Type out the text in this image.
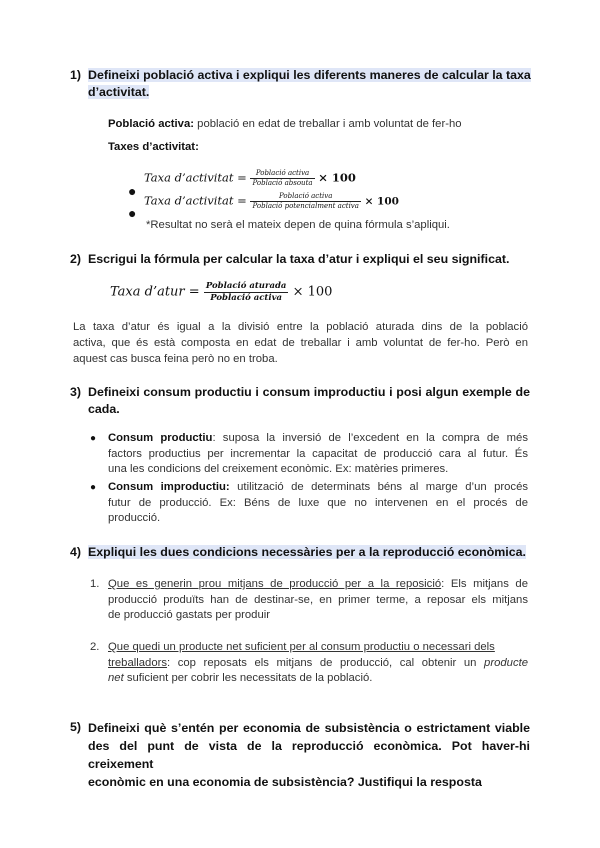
1) Defineixi població activa i expliqui les diferents maneres de calcular la taxa
d’activitat.
Població activa: població en edat de treballar i amb voluntat de fer-ho
Taxes d’activitat:
●
Taxa d’activitat = $\frac{\text{Població activa}}{\text{Població absouta}} \times 100$
●
Taxa d’activitat = $\frac{\text{Població activa}}{\text{Població potencialment activa}} \times 100$
*Resultat no serà el mateix depen de quina fórmula s’apliqui.
2) Escrigui la fórmula per calcular la taxa d’atur i expliqui el seu significat.
Taxa d’atur = $\frac{\text{Població aturada}}{\text{Població activa}} \times 100$
La taxa d’atur és igual a la divisió entre la població aturada dins de la població
activa, que és està composta en edat de treballar i amb voluntat de fer-ho. Però en
aquest cas busca feina però no en troba.
3) Defineixi consum productiu i consum improductiu i posi algun exemple de
cada.
● Consum productiu: suposa la inversió de l’excedent en la compra de més
factors productius per incrementar la capacitat de producció cara al futur. És
una les condicions del creixement econòmic. Ex: matèries primeres.
● Consum improductiu: utilització de determinats béns al marge d’un procés
futur de producció. Ex: Béns de luxe que no intervenen en el procés de
producció.
4) Expliqui les dues condicions necessàries per a la reproducció econòmica.
1. Que es generin prou mitjans de producció per a la reposició: Els mitjans de
producció produïts han de destinar-se, en primer terme, a reposar els mitjans
de producció gastats per produir
2. Que quedi un producte net suficient per al consum productiu o necessari dels
treballadors: cop reposats els mitjans de producció, cal obtenir un producte
net suficient per cobrir les necessitats de la població.
5) Defineixi què s’entén per economia de subsistència o estrictament viable
des del punt de vista de la reproducció econòmica. Pot haver-hi creixement
econòmic en una economia de subsistència? Justifiqui la resposta
